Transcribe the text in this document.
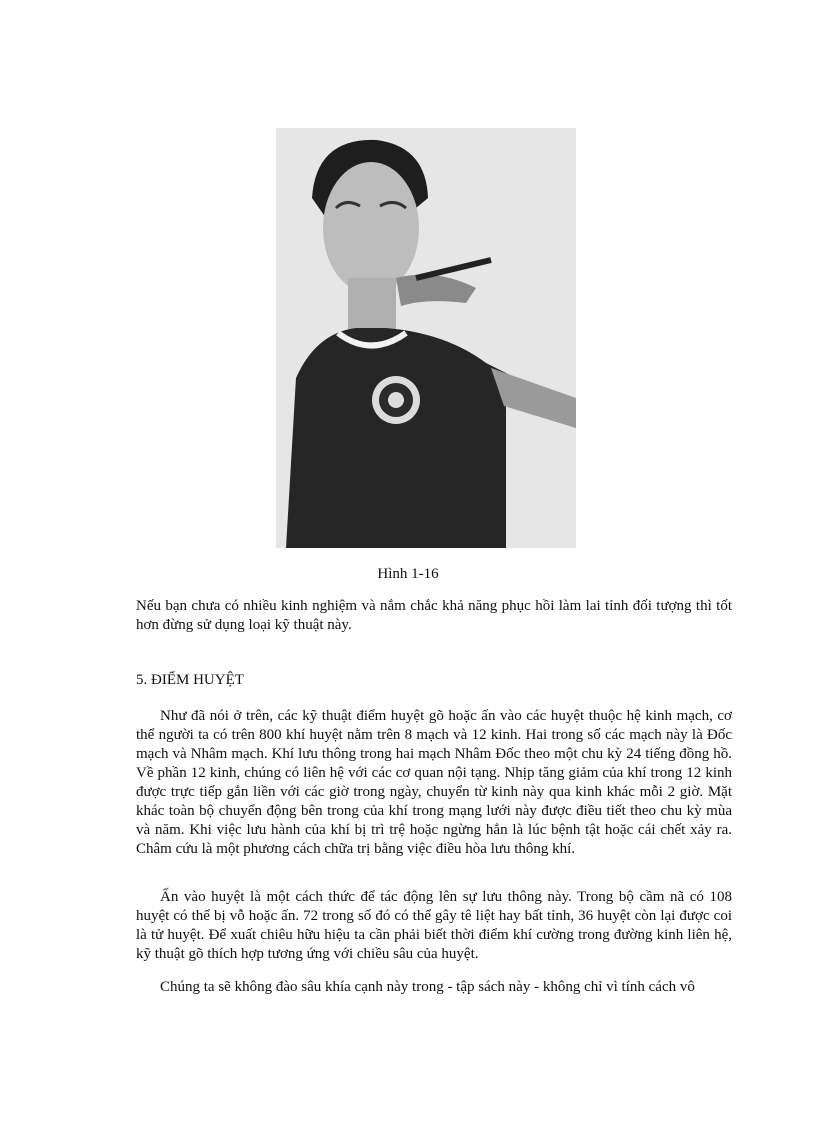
Hình 1-16

Nếu bạn chưa có nhiều kinh nghiệm và nắm chắc khả năng phục hồi làm lai tỉnh đối tượng thì tốt hơn đừng sử dụng loại kỹ thuật này.

5. ĐIỂM HUYỆT

Như đã nói ở trên, các kỹ thuật điểm huyệt gõ hoặc ấn vào các huyệt thuộc hệ kinh mạch, cơ thể người ta có trên 800 khí huyệt nằm trên 8 mạch và 12 kinh. Hai trong số các mạch này là Đốc mạch và Nhâm mạch. Khí lưu thông trong hai mạch Nhâm Đốc theo một chu kỳ 24 tiếng đồng hồ. Về phần 12 kinh, chúng có liên hệ với các cơ quan nội tạng. Nhịp tăng giảm của khí trong 12 kinh được trực tiếp gắn liền với các giờ trong ngày, chuyển từ kinh này qua kinh khác mỗi 2 giờ. Mặt khác toàn bộ chuyển động bên trong của khí trong mạng lưới này được điều tiết theo chu kỳ mùa và năm. Khi việc lưu hành của khí bị trì trệ hoặc ngừng hẳn là lúc bệnh tật hoặc cái chết xảy ra. Châm cứu là một phương cách chữa trị bằng việc điều hòa lưu thông khí.

Ấn vào huyệt là một cách thức để tác động lên sự lưu thông này. Trong bộ cầm nã có 108 huyệt có thể bị vỗ hoặc ấn. 72 trong số đó có thể gây tê liệt hay bất tỉnh, 36 huyệt còn lại được coi là tử huyệt. Để xuất chiêu hữu hiệu ta cần phải biết thời điểm khí cường trong đường kinh liên hệ, kỹ thuật gõ thích hợp tương ứng với chiều sâu của huyệt.

Chúng ta sẽ không đào sâu khía cạnh này trong - tập sách này - không chỉ vì tính cách vô
